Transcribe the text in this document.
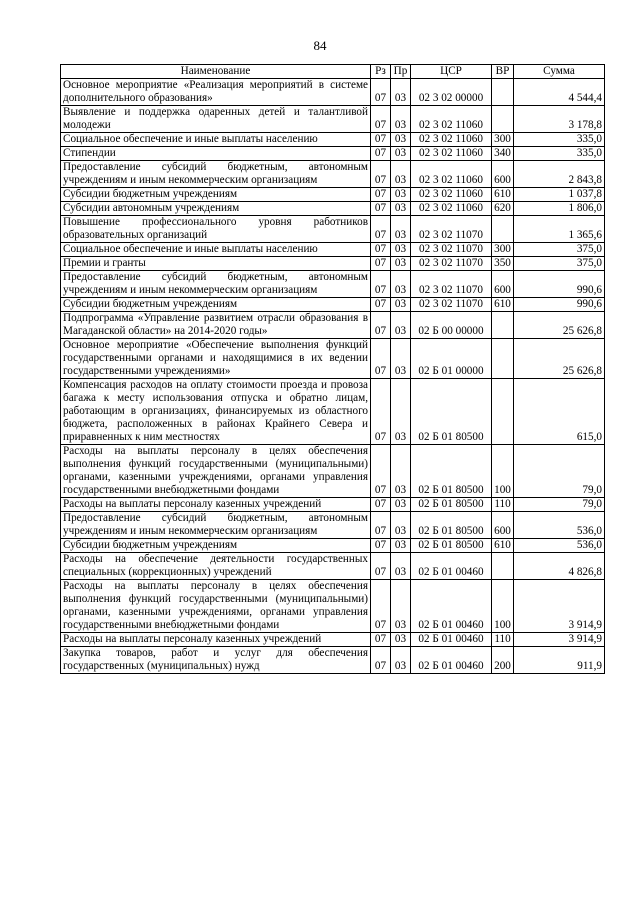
84
Наименование	Рз	Пр	ЦСР	ВР	Сумма
Основное мероприятие «Реализация мероприятий в системе дополнительного образования»	07	03	02 3 02 00000		4 544,4
Выявление и поддержка одаренных детей и талантливой молодежи	07	03	02 3 02 11060		3 178,8
Социальное обеспечение и иные выплаты населению	07	03	02 3 02 11060	300	335,0
Стипендии	07	03	02 3 02 11060	340	335,0
Предоставление субсидий бюджетным, автономным учреждениям и иным некоммерческим организациям	07	03	02 3 02 11060	600	2 843,8
Субсидии бюджетным учреждениям	07	03	02 3 02 11060	610	1 037,8
Субсидии автономным учреждениям	07	03	02 3 02 11060	620	1 806,0
Повышение профессионального уровня работников образовательных организаций	07	03	02 3 02 11070		1 365,6
Социальное обеспечение и иные выплаты населению	07	03	02 3 02 11070	300	375,0
Премии и гранты	07	03	02 3 02 11070	350	375,0
Предоставление субсидий бюджетным, автономным учреждениям и иным некоммерческим организациям	07	03	02 3 02 11070	600	990,6
Субсидии бюджетным учреждениям	07	03	02 3 02 11070	610	990,6
Подпрограмма «Управление развитием отрасли образования в Магаданской области» на 2014-2020 годы»	07	03	02 Б 00 00000		25 626,8
Основное мероприятие «Обеспечение выполнения функций государственными органами и находящимися в их ведении государственными учреждениями»	07	03	02 Б 01 00000		25 626,8
Компенсация расходов на оплату стоимости проезда и провоза багажа к месту использования отпуска и обратно лицам, работающим в организациях, финансируемых из областного бюджета, расположенных в районах Крайнего Севера и приравненных к ним местностях	07	03	02 Б 01 80500		615,0
Расходы на выплаты персоналу в целях обеспечения выполнения функций государственными (муниципальными) органами, казенными учреждениями, органами управления государственными внебюджетными фондами	07	03	02 Б 01 80500	100	79,0
Расходы на выплаты персоналу казенных учреждений	07	03	02 Б 01 80500	110	79,0
Предоставление субсидий бюджетным, автономным учреждениям и иным некоммерческим организациям	07	03	02 Б 01 80500	600	536,0
Субсидии бюджетным учреждениям	07	03	02 Б 01 80500	610	536,0
Расходы на обеспечение деятельности государственных специальных (коррекционных) учреждений	07	03	02 Б 01 00460		4 826,8
Расходы на выплаты персоналу в целях обеспечения выполнения функций государственными (муниципальными) органами, казенными учреждениями, органами управления государственными внебюджетными фондами	07	03	02 Б 01 00460	100	3 914,9
Расходы на выплаты персоналу казенных учреждений	07	03	02 Б 01 00460	110	3 914,9
Закупка товаров, работ и услуг для обеспечения государственных (муниципальных) нужд	07	03	02 Б 01 00460	200	911,9
